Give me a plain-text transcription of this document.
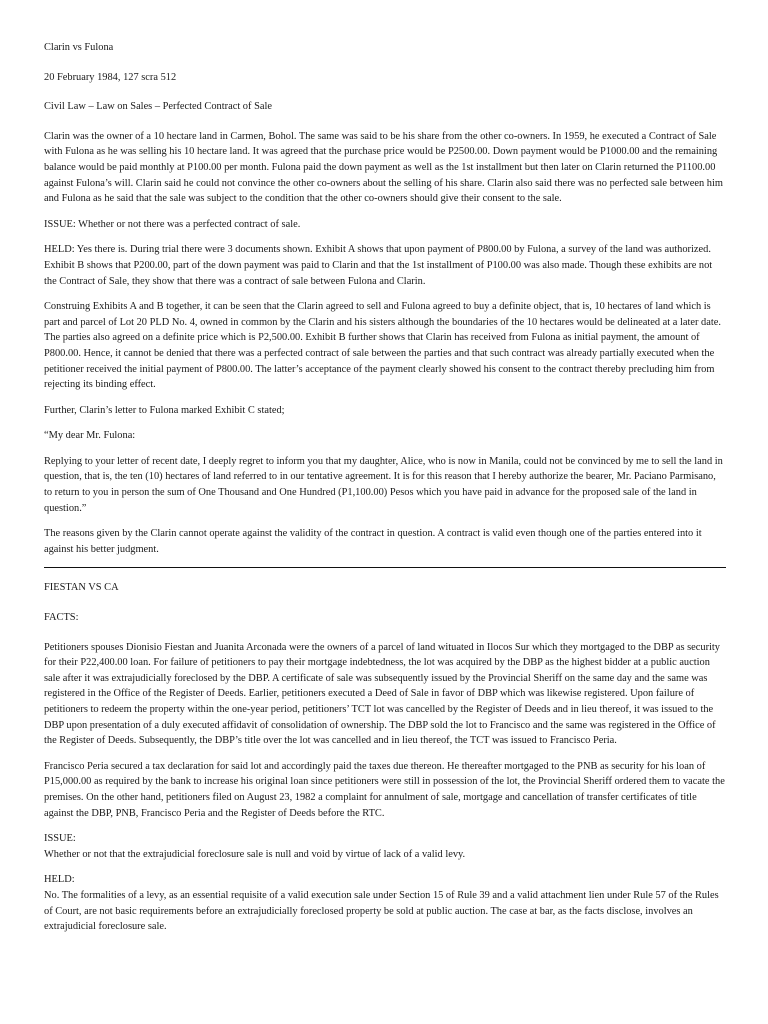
Clarin vs Fulona

20 February 1984, 127 scra 512

Civil Law – Law on Sales – Perfected Contract of Sale

Clarin was the owner of a 10 hectare land in Carmen, Bohol. The same was said to be his share from the other co-owners. In 1959, he executed a Contract of Sale with Fulona as he was selling his 10 hectare land. It was agreed that the purchase price would be P2500.00. Down payment would be P1000.00 and the remaining balance would be paid monthly at P100.00 per month. Fulona paid the down payment as well as the 1st installment but then later on Clarin returned the P1100.00 against Fulona’s will. Clarin said he could not convince the other co-owners about the selling of his share. Clarin also said there was no perfected sale between him and Fulona as he said that the sale was subject to the condition that the other co-owners should give their consent to the sale.

ISSUE: Whether or not there was a perfected contract of sale.

HELD: Yes there is. During trial there were 3 documents shown. Exhibit A shows that upon payment of P800.00 by Fulona, a survey of the land was authorized. Exhibit B shows that P200.00, part of the down payment was paid to Clarin and that the 1st installment of P100.00 was also made. Though these exhibits are not the Contract of Sale, they show that there was a contract of sale between Fulona and Clarin.

Construing Exhibits A and B together, it can be seen that the Clarin agreed to sell and Fulona agreed to buy a definite object, that is, 10 hectares of land which is part and parcel of Lot 20 PLD No. 4, owned in common by the Clarin and his sisters although the boundaries of the 10 hectares would be delineated at a later date. The parties also agreed on a definite price which is P2,500.00. Exhibit B further shows that Clarin has received from Fulona as initial payment, the amount of P800.00. Hence, it cannot be denied that there was a perfected contract of sale between the parties and that such contract was already partially executed when the petitioner received the initial payment of P800.00. The latter’s acceptance of the payment clearly showed his consent to the contract thereby precluding him from rejecting its binding effect.

Further, Clarin’s letter to Fulona marked Exhibit C stated;

“My dear Mr. Fulona:

Replying to your letter of recent date, I deeply regret to inform you that my daughter, Alice, who is now in Manila, could not be convinced by me to sell the land in question, that is, the ten (10) hectares of land referred to in our tentative agreement. It is for this reason that I hereby authorize the bearer, Mr. Paciano Parmisano, to return to you in person the sum of One Thousand and One Hundred (P1,100.00) Pesos which you have paid in advance for the proposed sale of the land in question.”

The reasons given by the Clarin cannot operate against the validity of the contract in question. A contract is valid even though one of the parties entered into it against his better judgment.

FIESTAN VS CA

FACTS:

Petitioners spouses Dionisio Fiestan and Juanita Arconada were the owners of a parcel of land wituated in Ilocos Sur which they mortgaged to the DBP as security for their P22,400.00 loan. For failure of petitioners to pay their mortgage indebtedness, the lot was acquired by the DBP as the highest bidder at a public auction sale after it was extrajudicially foreclosed by the DBP. A certificate of sale was subsequently issued by the Provincial Sheriff on the same day and the same was registered in the Office of the Register of Deeds. Earlier, petitioners executed a Deed of Sale in favor of DBP which was likewise registered. Upon failure of petitioners to redeem the property within the one-year period, petitioners’ TCT lot was cancelled by the Register of Deeds and in lieu thereof, it was issued to the DBP upon presentation of a duly executed affidavit of consolidation of ownership. The DBP sold the lot to Francisco and the same was registered in the Office of the Register of Deeds. Subsequently, the DBP’s title over the lot was cancelled and in lieu thereof, the TCT was issued to Francisco Peria.

Francisco Peria secured a tax declaration for said lot and accordingly paid the taxes due thereon. He thereafter mortgaged to the PNB as security for his loan of P15,000.00 as required by the bank to increase his original loan since petitioners were still in possession of the lot, the Provincial Sheriff ordered them to vacate the premises. On the other hand, petitioners filed on August 23, 1982 a complaint for annulment of sale, mortgage and cancellation of transfer certificates of title against the DBP, PNB, Francisco Peria and the Register of Deeds before the RTC.

ISSUE:

Whether or not that the extrajudicial foreclosure sale is null and void by virtue of lack of a valid levy.

HELD:

No. The formalities of a levy, as an essential requisite of a valid execution sale under Section 15 of Rule 39 and a valid attachment lien under Rule 57 of the Rules of Court, are not basic requirements before an extrajudicially foreclosed property be sold at public auction. The case at bar, as the facts disclose, involves an extrajudicial foreclosure sale.
